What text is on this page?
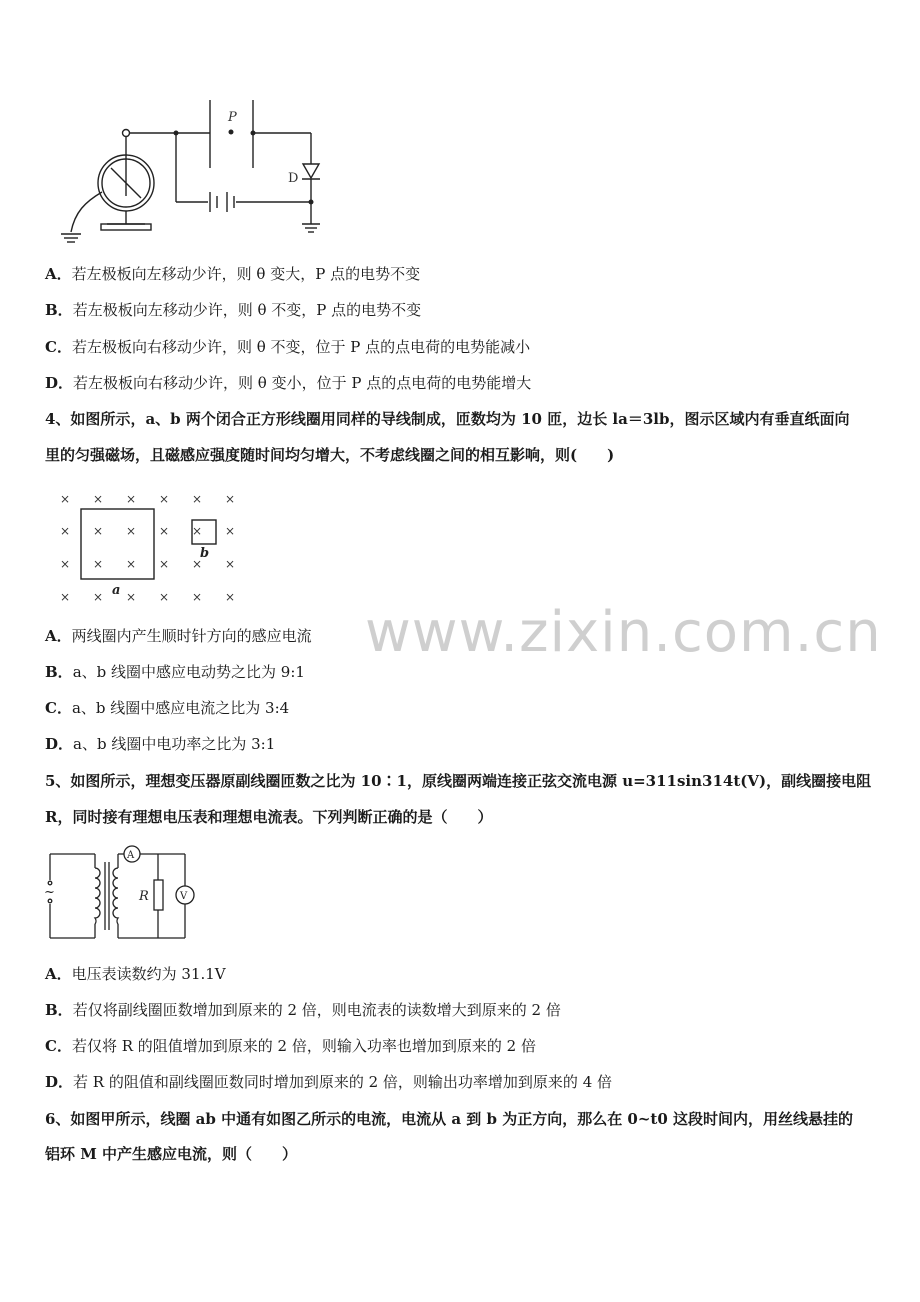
www.zixin.com.cn
P
D
A．若左极板向左移动少许，则 θ 变大，P 点的电势不变
B．若左极板向左移动少许，则 θ 不变，P 点的电势不变
C．若左极板向右移动少许，则 θ 不变，位于 P 点的点电荷的电势能减小
D．若左极板向右移动少许，则 θ 变小，位于 P 点的点电荷的电势能增大
4、如图所示，a、b 两个闭合正方形线圈用同样的导线制成，匝数均为 10 匝，边长 la＝3lb，图示区域内有垂直纸面向
里的匀强磁场，且磁感应强度随时间均匀增大，不考虑线圈之间的相互影响，则(　　)
× × × × × ×
× × × × × ×
× × × × × ×
× × × × × ×
a
b
A．两线圈内产生顺时针方向的感应电流
B．a、b 线圈中感应电动势之比为 9:1
C．a、b 线圈中感应电流之比为 3:4
D．a、b 线圈中电功率之比为 3:1
5、如图所示，理想变压器原副线圈匝数之比为 10∶1，原线圈两端连接正弦交流电源 u=311sin314t(V)，副线圈接电阻
R，同时接有理想电压表和理想电流表。下列判断正确的是（　　）
A
V
R
~
A．电压表读数约为 31.1V
B．若仅将副线圈匝数增加到原来的 2 倍，则电流表的读数增大到原来的 2 倍
C．若仅将 R 的阻值增加到原来的 2 倍，则输入功率也增加到原来的 2 倍
D．若 R 的阻值和副线圈匝数同时增加到原来的 2 倍，则输出功率增加到原来的 4 倍
6、如图甲所示，线圈 ab 中通有如图乙所示的电流，电流从 a 到 b 为正方向，那么在 0~t0 这段时间内，用丝线悬挂的
铝环 M 中产生感应电流，则（　　）
